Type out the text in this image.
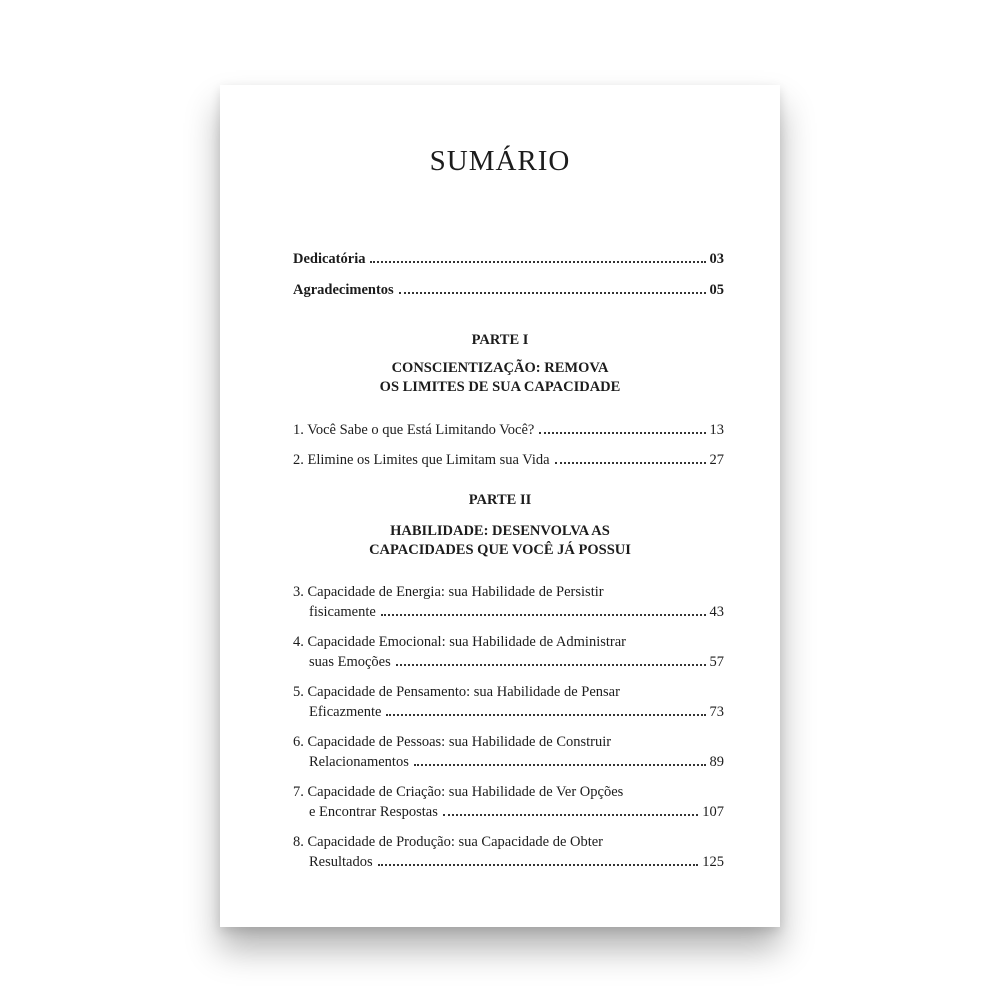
SUMÁRIO
Dedicatória	03
Agradecimentos	05
PARTE I
CONSCIENTIZAÇÃO: REMOVA
OS LIMITES DE SUA CAPACIDADE
1. Você Sabe o que Está Limitando Você?	13
2. Elimine os Limites que Limitam sua Vida	27
PARTE II
HABILIDADE: DESENVOLVA AS
CAPACIDADES QUE VOCÊ JÁ POSSUI
3. Capacidade de Energia: sua Habilidade de Persistir
fisicamente	43
4. Capacidade Emocional: sua Habilidade de Administrar
suas Emoções	57
5. Capacidade de Pensamento: sua Habilidade de Pensar
Eficazmente	73
6. Capacidade de Pessoas: sua Habilidade de Construir
Relacionamentos	89
7. Capacidade de Criação: sua Habilidade de Ver Opções
e Encontrar Respostas	107
8. Capacidade de Produção: sua Capacidade de Obter
Resultados	125
